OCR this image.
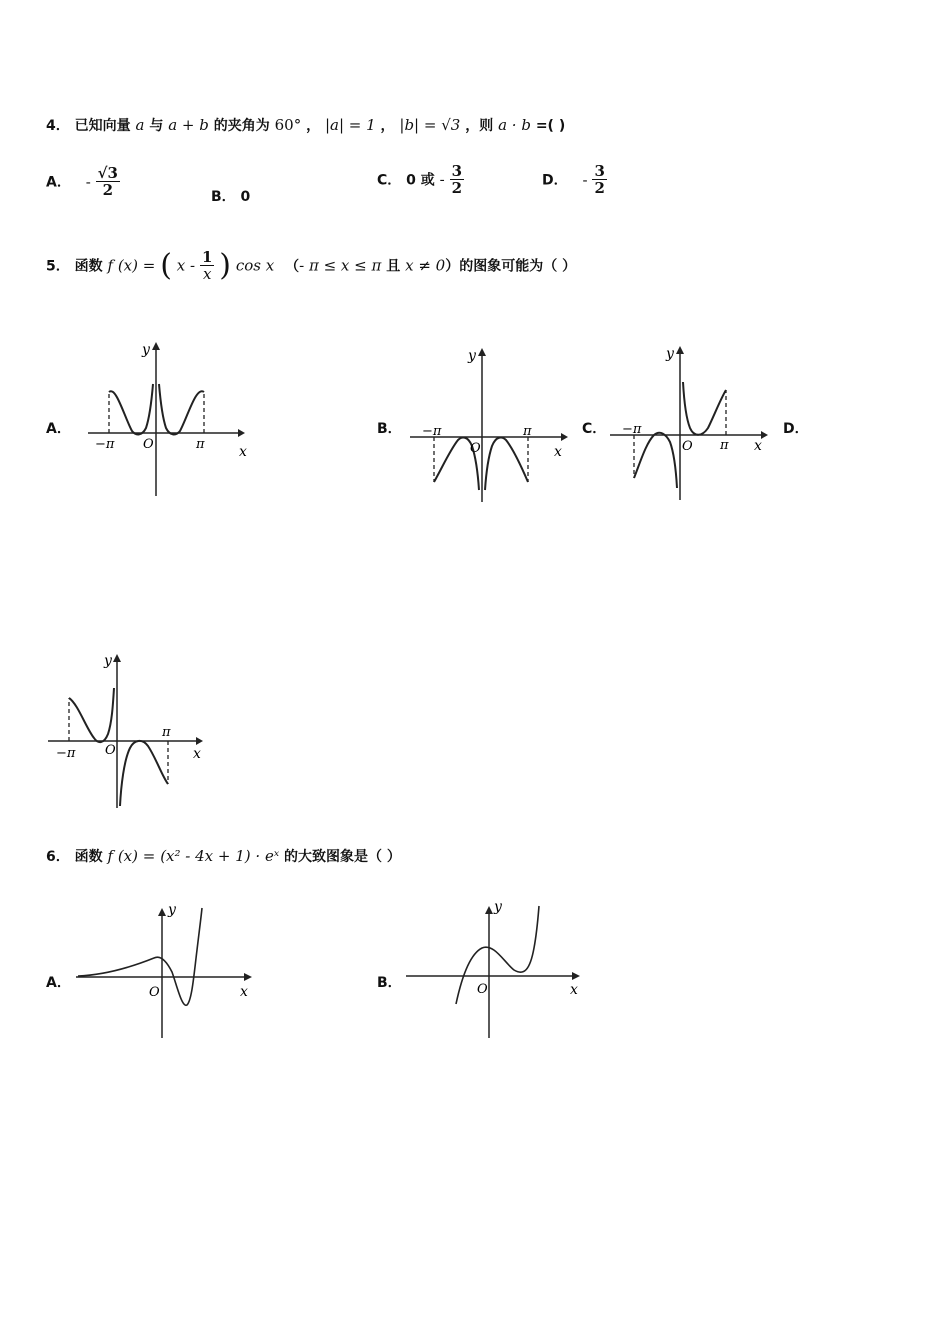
4． 已知向量 a 与 a + b 的夹角为 60° ， |a| = 1 ， |b| = √3 ，则 a · b =( )
A． - $\frac{√3}{2}$	B． 0
C． 0 或 - $\frac{3}{2}$	D． - $\frac{3}{2}$
5． 函数 f (x) = ( x - $\frac{1}{x}$ ) cos x （- π ≤ x ≤ π 且 x ≠ 0）的图象可能为（ ）
A．	B．	C．	D．
y
−π O	π x
y
−π
O
π
x
y
−π
O π x
y
−π O
π
x
6． 函数 f (x) = (x² - 4x + 1) · eˣ 的大致图象是（ ）
A．	B．
y
O	x
y
O	x
